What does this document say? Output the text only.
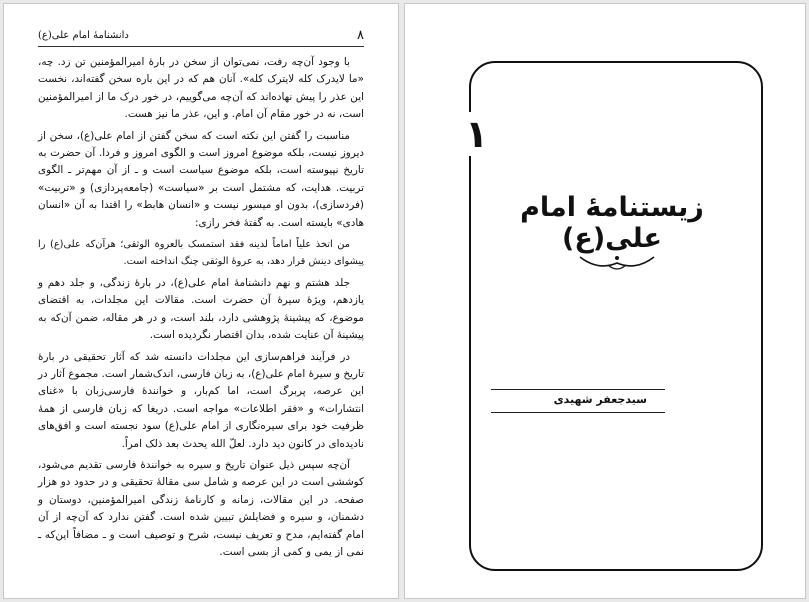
۸
دانشنامهٔ امام علی(ع)

با وجود آن‌چه رفت، نمی‌توان از سخن در بارهٔ امیرالمؤمنین تن زد. چه، «ما لایدرک کله لایترک کله». آنان هم که در این باره سخن گفته‌اند، نخست این عذر را پیش نهاده‌اند که آن‌چه می‌گوییم، در خور درک ما از امیرالمؤمنین است، نه در خور مقام آن امام. و این، عذر ما نیز هست.

مناسبت را گفتن این نکته است که سخن گفتن از امام علی(ع)، سخن از دیروز نیست، بلکه موضوع امروز است و الگوی امروز و فردا. آن حضرت به تاریخ نپیوسته است، بلکه موضوع سیاست است و ـ از آن مهم‌تر ـ الگوی تربیت. هدایت، که مشتمل است بر «سیاست» (جامعه‌پردازی) و «تربیت» (فردسازی)، بدون او میسور نیست و «انسان هابط» را اقتدا به آن «انسان هادی» بایسته است. به گفتهٔ فخر رازی:

من اتخذ علیاً اماماً لدینه فقد استمسک بالعروة الوثقی؛ هرآن‌که علی(ع) را پیشوای دینش قرار دهد، به عروهٔ الوثقی چنگ انداخته است.

جلد هشتم و نهم دانشنامهٔ امام علی(ع)، در بارهٔ زندگی، و جلد دهم و یازدهم، ویژهٔ سیرهٔ آن حضرت است. مقالات این مجلدات، به اقتضای موضوع، که پیشینهٔ پژوهشی دارد، بلند است، و در هر مقاله، ضمن آن‌که به پیشینهٔ آن عنایت شده، بدان اقتصار نگردیده است.

در فرآیند فراهم‌سازی این مجلدات دانسته شد که آثار تحقیقی در بارهٔ تاریخ و سیرهٔ امام علی(ع)، به زبان فارسی، اندک‌شمار است. مجموع آثار در این عرصه، پربرگ است، اما کم‌بار، و خوانندهٔ فارسی‌زبان با «غنای انتشارات» و «فقر اطلاعات» مواجه است. دریغا که زبان فارسی از همهٔ ظرفیت خود برای سیره‌نگاری از امام علی(ع) سود نجسته است و افق‌های نادیده‌ای در کانون دید دارد. لعلّ الله یحدث بعد ذلک امراً.

آن‌چه سپس ذیل عنوان تاریخ و سیره به خوانندهٔ فارسی تقدیم می‌شود، کوششی است در این عرصه و شامل سی مقالهٔ تحقیقی و در حدود دو هزار صفحه. در این مقالات، زمانه و کارنامهٔ زندگی امیرالمؤمنین، دوستان و دشمنان، و سیره و فضایلش تبیین شده است. گفتن ندارد که آن‌چه از آن امام گفته‌ایم، مدح و تعریف نیست، شرح و توصیف است و ـ مضافاً این‌که ـ نمی از یمی و کمی از بسی است.

۱
زیستنامهٔ امام علی(ع)
سیدجعفر شهیدی
